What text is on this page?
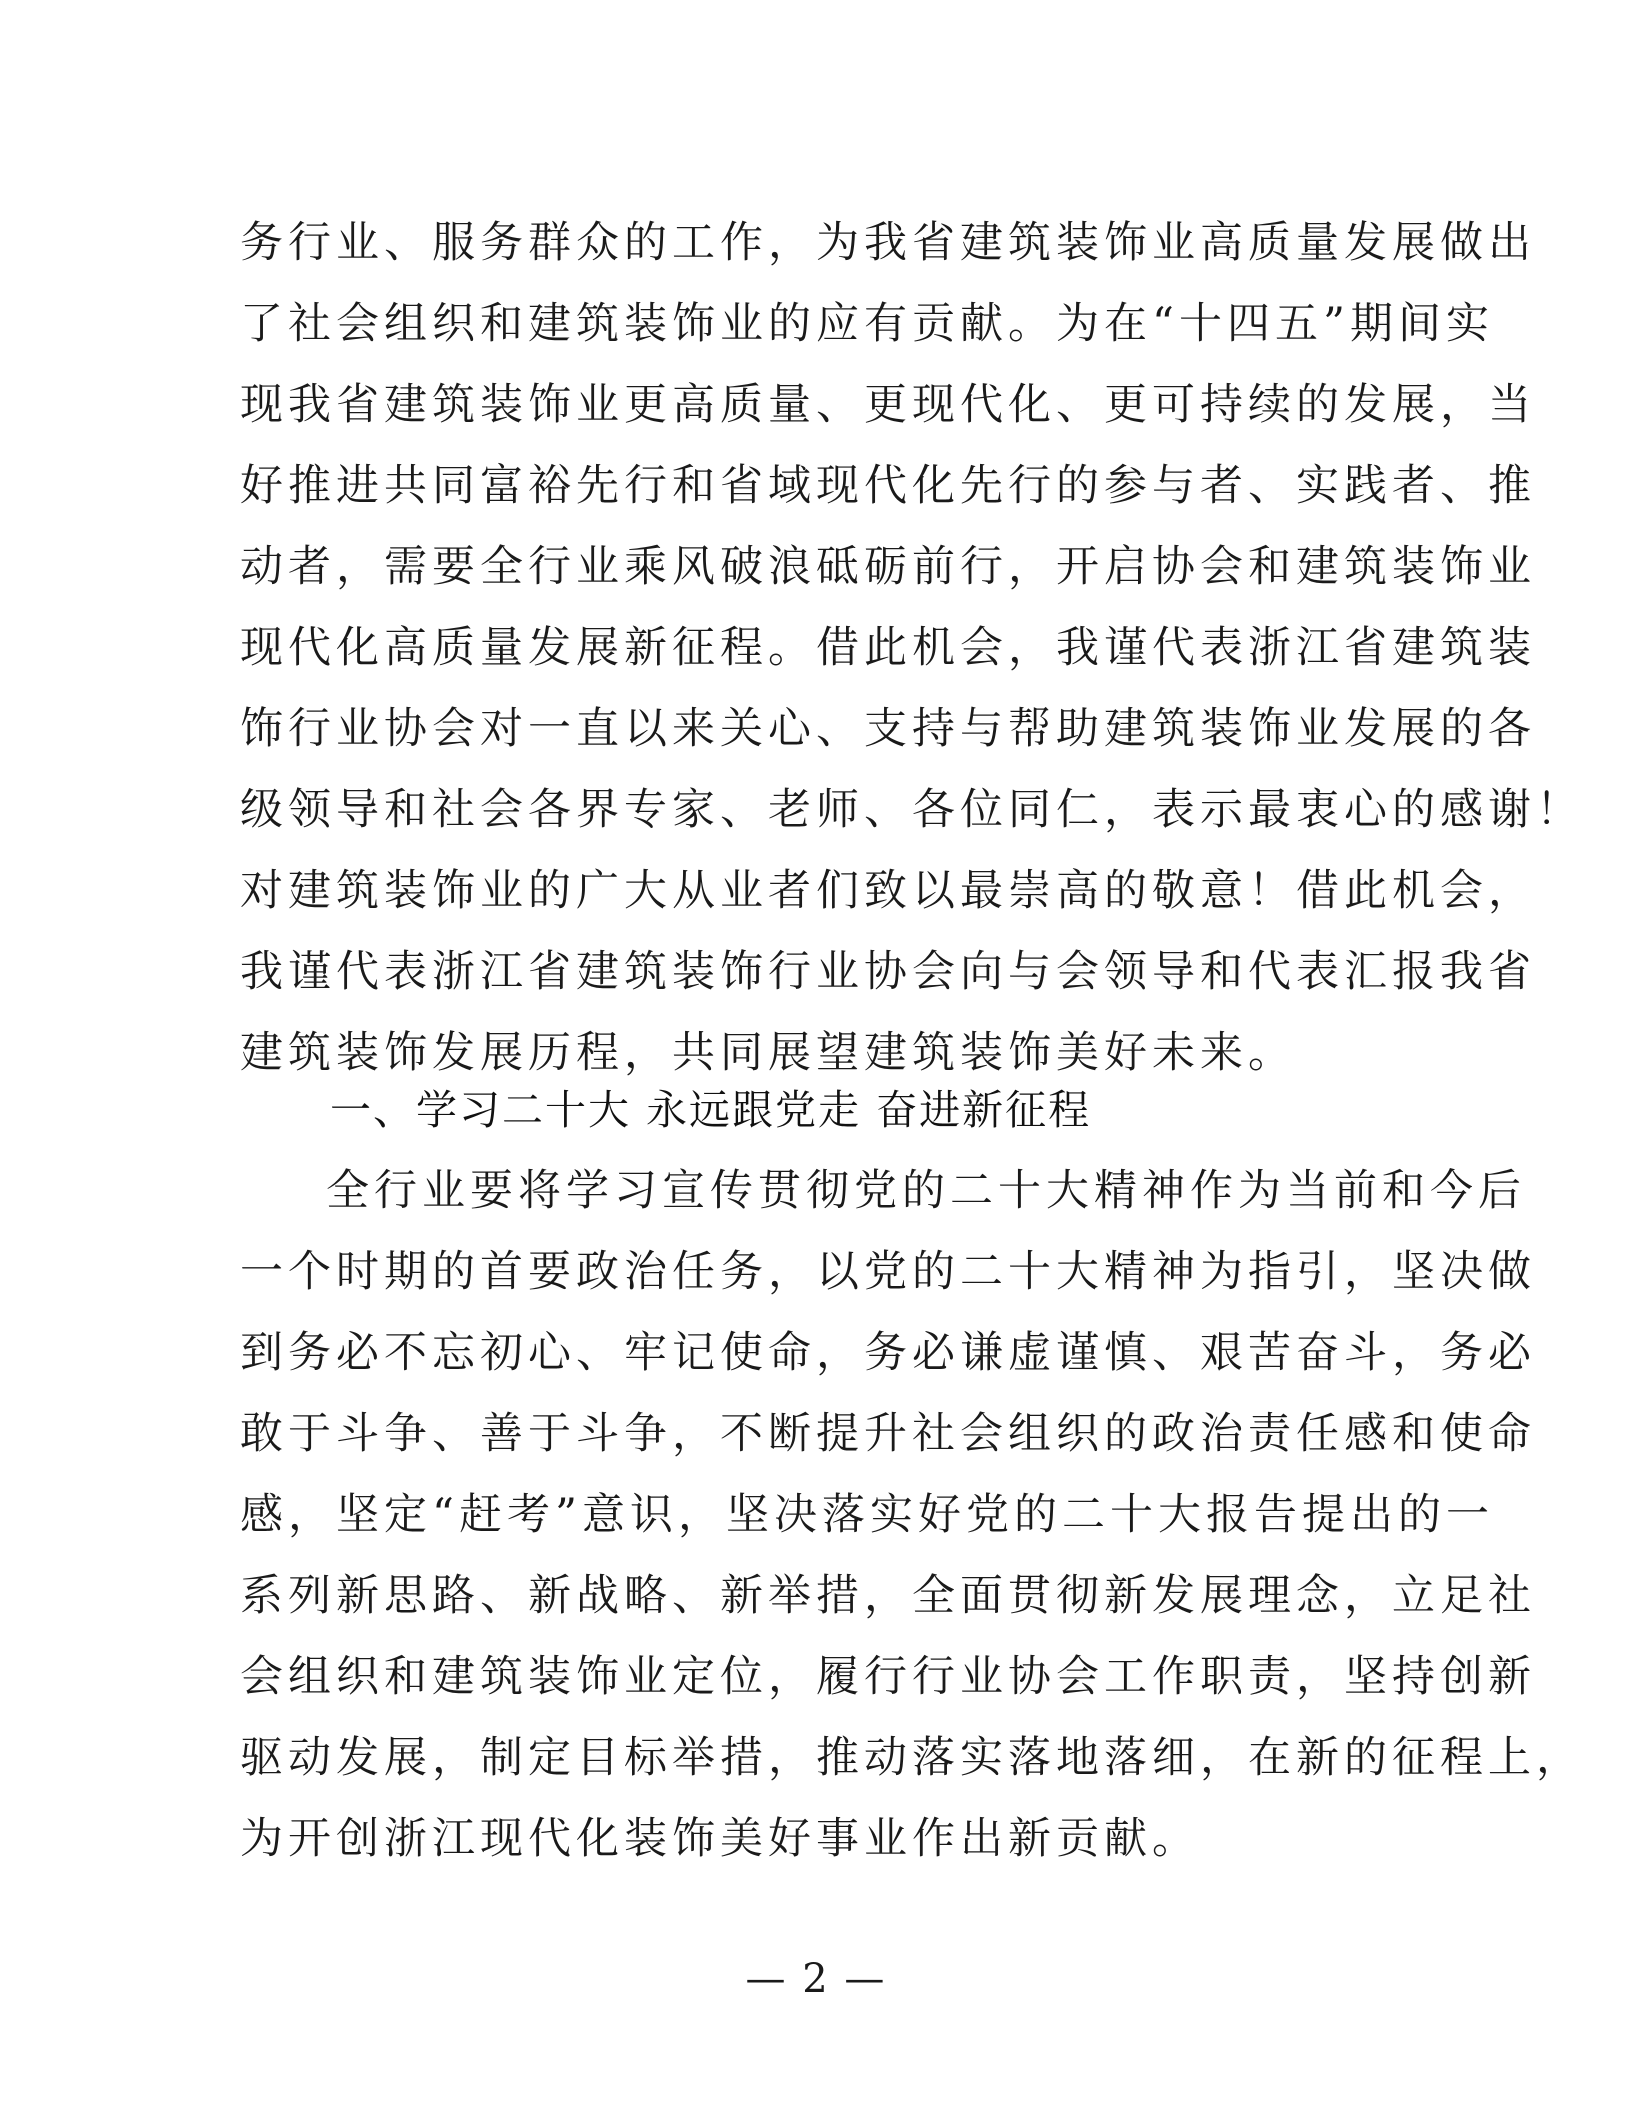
务行业、服务群众的工作，为我省建筑装饰业高质量发展做出
了社会组织和建筑装饰业的应有贡献。为在“十四五”期间实
现我省建筑装饰业更高质量、更现代化、更可持续的发展，当
好推进共同富裕先行和省域现代化先行的参与者、实践者、推
动者，需要全行业乘风破浪砥砺前行，开启协会和建筑装饰业
现代化高质量发展新征程。借此机会，我谨代表浙江省建筑装
饰行业协会对一直以来关心、支持与帮助建筑装饰业发展的各
级领导和社会各界专家、老师、各位同仁，表示最衷心的感谢！
对建筑装饰业的广大从业者们致以最崇高的敬意！借此机会，
我谨代表浙江省建筑装饰行业协会向与会领导和代表汇报我省
建筑装饰发展历程，共同展望建筑装饰美好未来。
一、学习二十大 永远跟党走 奋进新征程
全行业要将学习宣传贯彻党的二十大精神作为当前和今后
一个时期的首要政治任务，以党的二十大精神为指引，坚决做
到务必不忘初心、牢记使命，务必谦虚谨慎、艰苦奋斗，务必
敢于斗争、善于斗争，不断提升社会组织的政治责任感和使命
感，坚定“赶考”意识，坚决落实好党的二十大报告提出的一
系列新思路、新战略、新举措，全面贯彻新发展理念，立足社
会组织和建筑装饰业定位，履行行业协会工作职责，坚持创新
驱动发展，制定目标举措，推动落实落地落细，在新的征程上，
为开创浙江现代化装饰美好事业作出新贡献。
— 2 —
